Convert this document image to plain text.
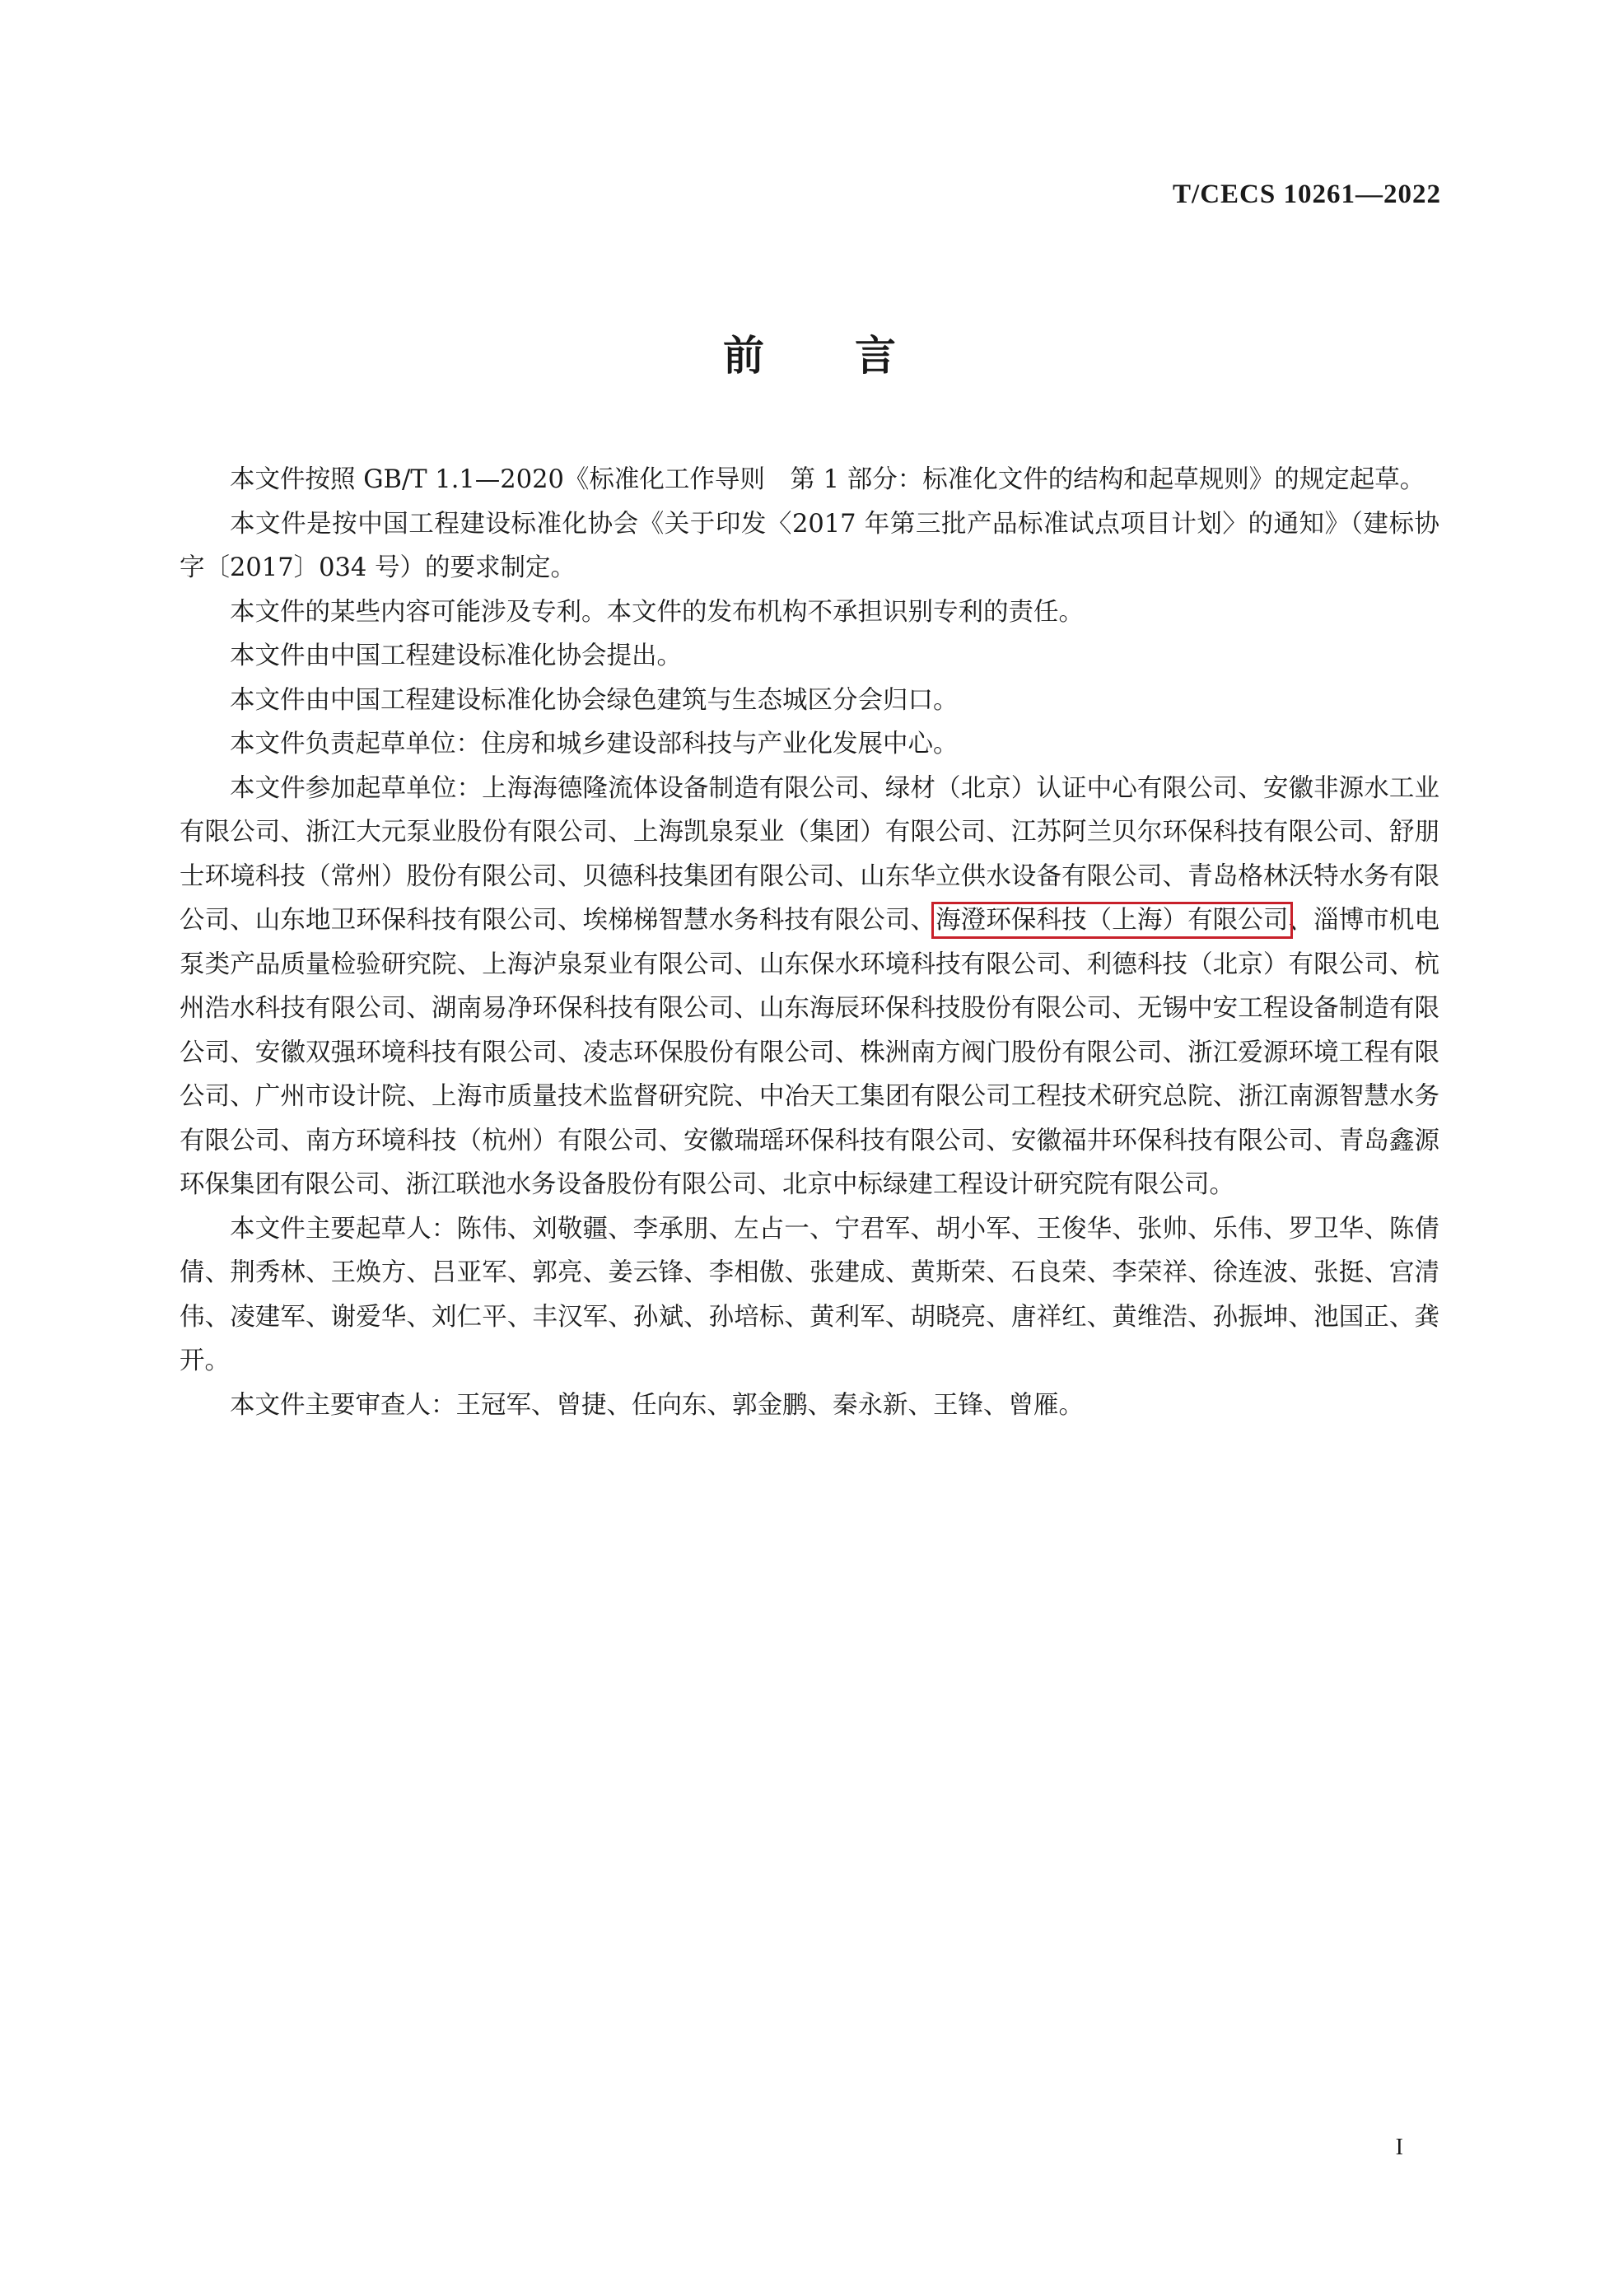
T/CECS 10261—2022
前 言

本文件按照 GB/T 1.1—2020《标准化工作导则　第 1 部分：标准化文件的结构和起草规则》的规定起草。

本文件是按中国工程建设标准化协会《关于印发〈2017 年第三批产品标准试点项目计划〉的通知》（建标协字〔2017〕034 号）的要求制定。

本文件的某些内容可能涉及专利。本文件的发布机构不承担识别专利的责任。

本文件由中国工程建设标准化协会提出。

本文件由中国工程建设标准化协会绿色建筑与生态城区分会归口。

本文件负责起草单位：住房和城乡建设部科技与产业化发展中心。

本文件参加起草单位：上海海德隆流体设备制造有限公司、绿材（北京）认证中心有限公司、安徽非源水工业有限公司、浙江大元泵业股份有限公司、上海凯泉泵业（集团）有限公司、江苏阿兰贝尔环保科技有限公司、舒朋士环境科技（常州）股份有限公司、贝德科技集团有限公司、山东华立供水设备有限公司、青岛格林沃特水务有限公司、山东地卫环保科技有限公司、埃梯梯智慧水务科技有限公司、海澄环保科技（上海）有限公司、淄博市机电泵类产品质量检验研究院、上海泸泉泵业有限公司、山东保水环境科技有限公司、利德科技（北京）有限公司、杭州浩水科技有限公司、湖南易净环保科技有限公司、山东海辰环保科技股份有限公司、无锡中安工程设备制造有限公司、安徽双强环境科技有限公司、凌志环保股份有限公司、株洲南方阀门股份有限公司、浙江爱源环境工程有限公司、广州市设计院、上海市质量技术监督研究院、中冶天工集团有限公司工程技术研究总院、浙江南源智慧水务有限公司、南方环境科技（杭州）有限公司、安徽瑞瑶环保科技有限公司、安徽福井环保科技有限公司、青岛鑫源环保集团有限公司、浙江联池水务设备股份有限公司、北京中标绿建工程设计研究院有限公司。

本文件主要起草人：陈伟、刘敬疆、李承朋、左占一、宁君军、胡小军、王俊华、张帅、乐伟、罗卫华、陈倩倩、荆秀林、王焕方、吕亚军、郭亮、姜云锋、李相傲、张建成、黄斯荣、石良荣、李荣祥、徐连波、张挺、宫清伟、凌建军、谢爱华、刘仁平、丰汉军、孙斌、孙培标、黄利军、胡晓亮、唐祥红、黄维浩、孙振坤、池国正、龚开。

本文件主要审查人：王冠军、曾捷、任向东、郭金鹏、秦永新、王锋、曾雁。

I
